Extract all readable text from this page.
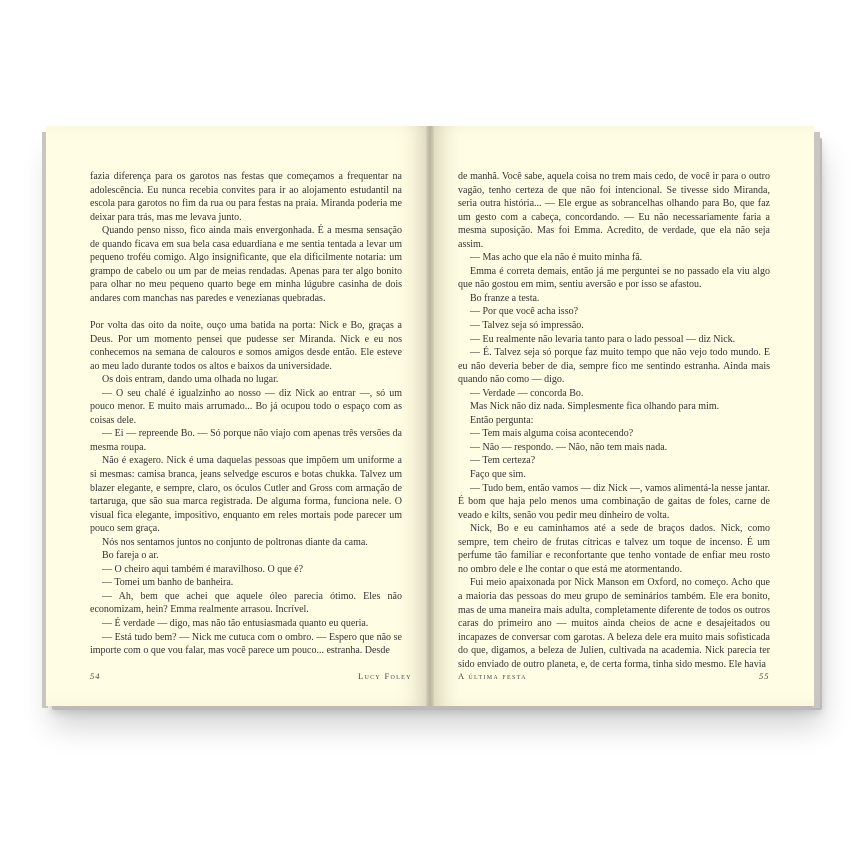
fazia diferença para os garotos nas festas que começamos a frequentar na adolescência. Eu nunca recebia convites para ir ao alojamento estudantil na escola para garotos no fim da rua ou para festas na praia. Miranda poderia me deixar para trás, mas me levava junto.

Quando penso nisso, fico ainda mais envergonhada. É a mesma sensação de quando ficava em sua bela casa eduardiana e me sentia tentada a levar um pequeno troféu comigo. Algo insignificante, que ela dificilmente notaria: um grampo de cabelo ou um par de meias rendadas. Apenas para ter algo bonito para olhar no meu pequeno quarto bege em minha lúgubre casinha de dois andares com manchas nas paredes e venezianas quebradas.

Por volta das oito da noite, ouço uma batida na porta: Nick e Bo, graças a Deus. Por um momento pensei que pudesse ser Miranda. Nick e eu nos conhecemos na semana de calouros e somos amigos desde então. Ele esteve ao meu lado durante todos os altos e baixos da universidade.

Os dois entram, dando uma olhada no lugar.

— O seu chalé é igualzinho ao nosso — diz Nick ao entrar —, só um pouco menor. E muito mais arrumado... Bo já ocupou todo o espaço com as coisas dele.

— Ei — repreende Bo. — Só porque não viajo com apenas três versões da mesma roupa.

Não é exagero. Nick é uma daquelas pessoas que impõem um uniforme a si mesmas: camisa branca, jeans selvedge escuros e botas chukka. Talvez um blazer elegante, e sempre, claro, os óculos Cutler and Gross com armação de tartaruga, que são sua marca registrada. De alguma forma, funciona nele. O visual fica elegante, impositivo, enquanto em reles mortais pode parecer um pouco sem graça.

Nós nos sentamos juntos no conjunto de poltronas diante da cama.

Bo fareja o ar.

— O cheiro aqui também é maravilhoso. O que é?

— Tomei um banho de banheira.

— Ah, bem que achei que aquele óleo parecia ótimo. Eles não economizam, hein? Emma realmente arrasou. Incrível.

— É verdade — digo, mas não tão entusiasmada quanto eu queria.

— Está tudo bem? — Nick me cutuca com o ombro. — Espero que não se importe com o que vou falar, mas você parece um pouco... estranha. Desde

54	Lucy Foley

de manhã. Você sabe, aquela coisa no trem mais cedo, de você ir para o outro vagão, tenho certeza de que não foi intencional. Se tivesse sido Miranda, seria outra história... — Ele ergue as sobrancelhas olhando para Bo, que faz um gesto com a cabeça, concordando. — Eu não necessariamente faria a mesma suposição. Mas foi Emma. Acredito, de verdade, que ela não seja assim.

— Mas acho que ela não é muito minha fã.

Emma é correta demais, então já me perguntei se no passado ela viu algo que não gostou em mim, sentiu aversão e por isso se afastou.

Bo franze a testa.

— Por que você acha isso?

— Talvez seja só impressão.

— Eu realmente não levaria tanto para o lado pessoal — diz Nick.

— É. Talvez seja só porque faz muito tempo que não vejo todo mundo. E eu não deveria beber de dia, sempre fico me sentindo estranha. Ainda mais quando não como — digo.

— Verdade — concorda Bo.

Mas Nick não diz nada. Simplesmente fica olhando para mim.

Então pergunta:

— Tem mais alguma coisa acontecendo?

— Não — respondo. — Não, não tem mais nada.

— Tem certeza?

Faço que sim.

— Tudo bem, então vamos — diz Nick —, vamos alimentá-la nesse jantar. É bom que haja pelo menos uma combinação de gaitas de foles, carne de veado e kilts, senão vou pedir meu dinheiro de volta.

Nick, Bo e eu caminhamos até a sede de braços dados. Nick, como sempre, tem cheiro de frutas cítricas e talvez um toque de incenso. É um perfume tão familiar e reconfortante que tenho vontade de enfiar meu rosto no ombro dele e lhe contar o que está me atormentando.

Fui meio apaixonada por Nick Manson em Oxford, no começo. Acho que a maioria das pessoas do meu grupo de seminários também. Ele era bonito, mas de uma maneira mais adulta, completamente diferente de todos os outros caras do primeiro ano — muitos ainda cheios de acne e desajeitados ou incapazes de conversar com garotas. A beleza dele era muito mais sofisticada do que, digamos, a beleza de Julien, cultivada na academia. Nick parecia ter sido enviado de outro planeta, e, de certa forma, tinha sido mesmo. Ele havia

A última festa	55
